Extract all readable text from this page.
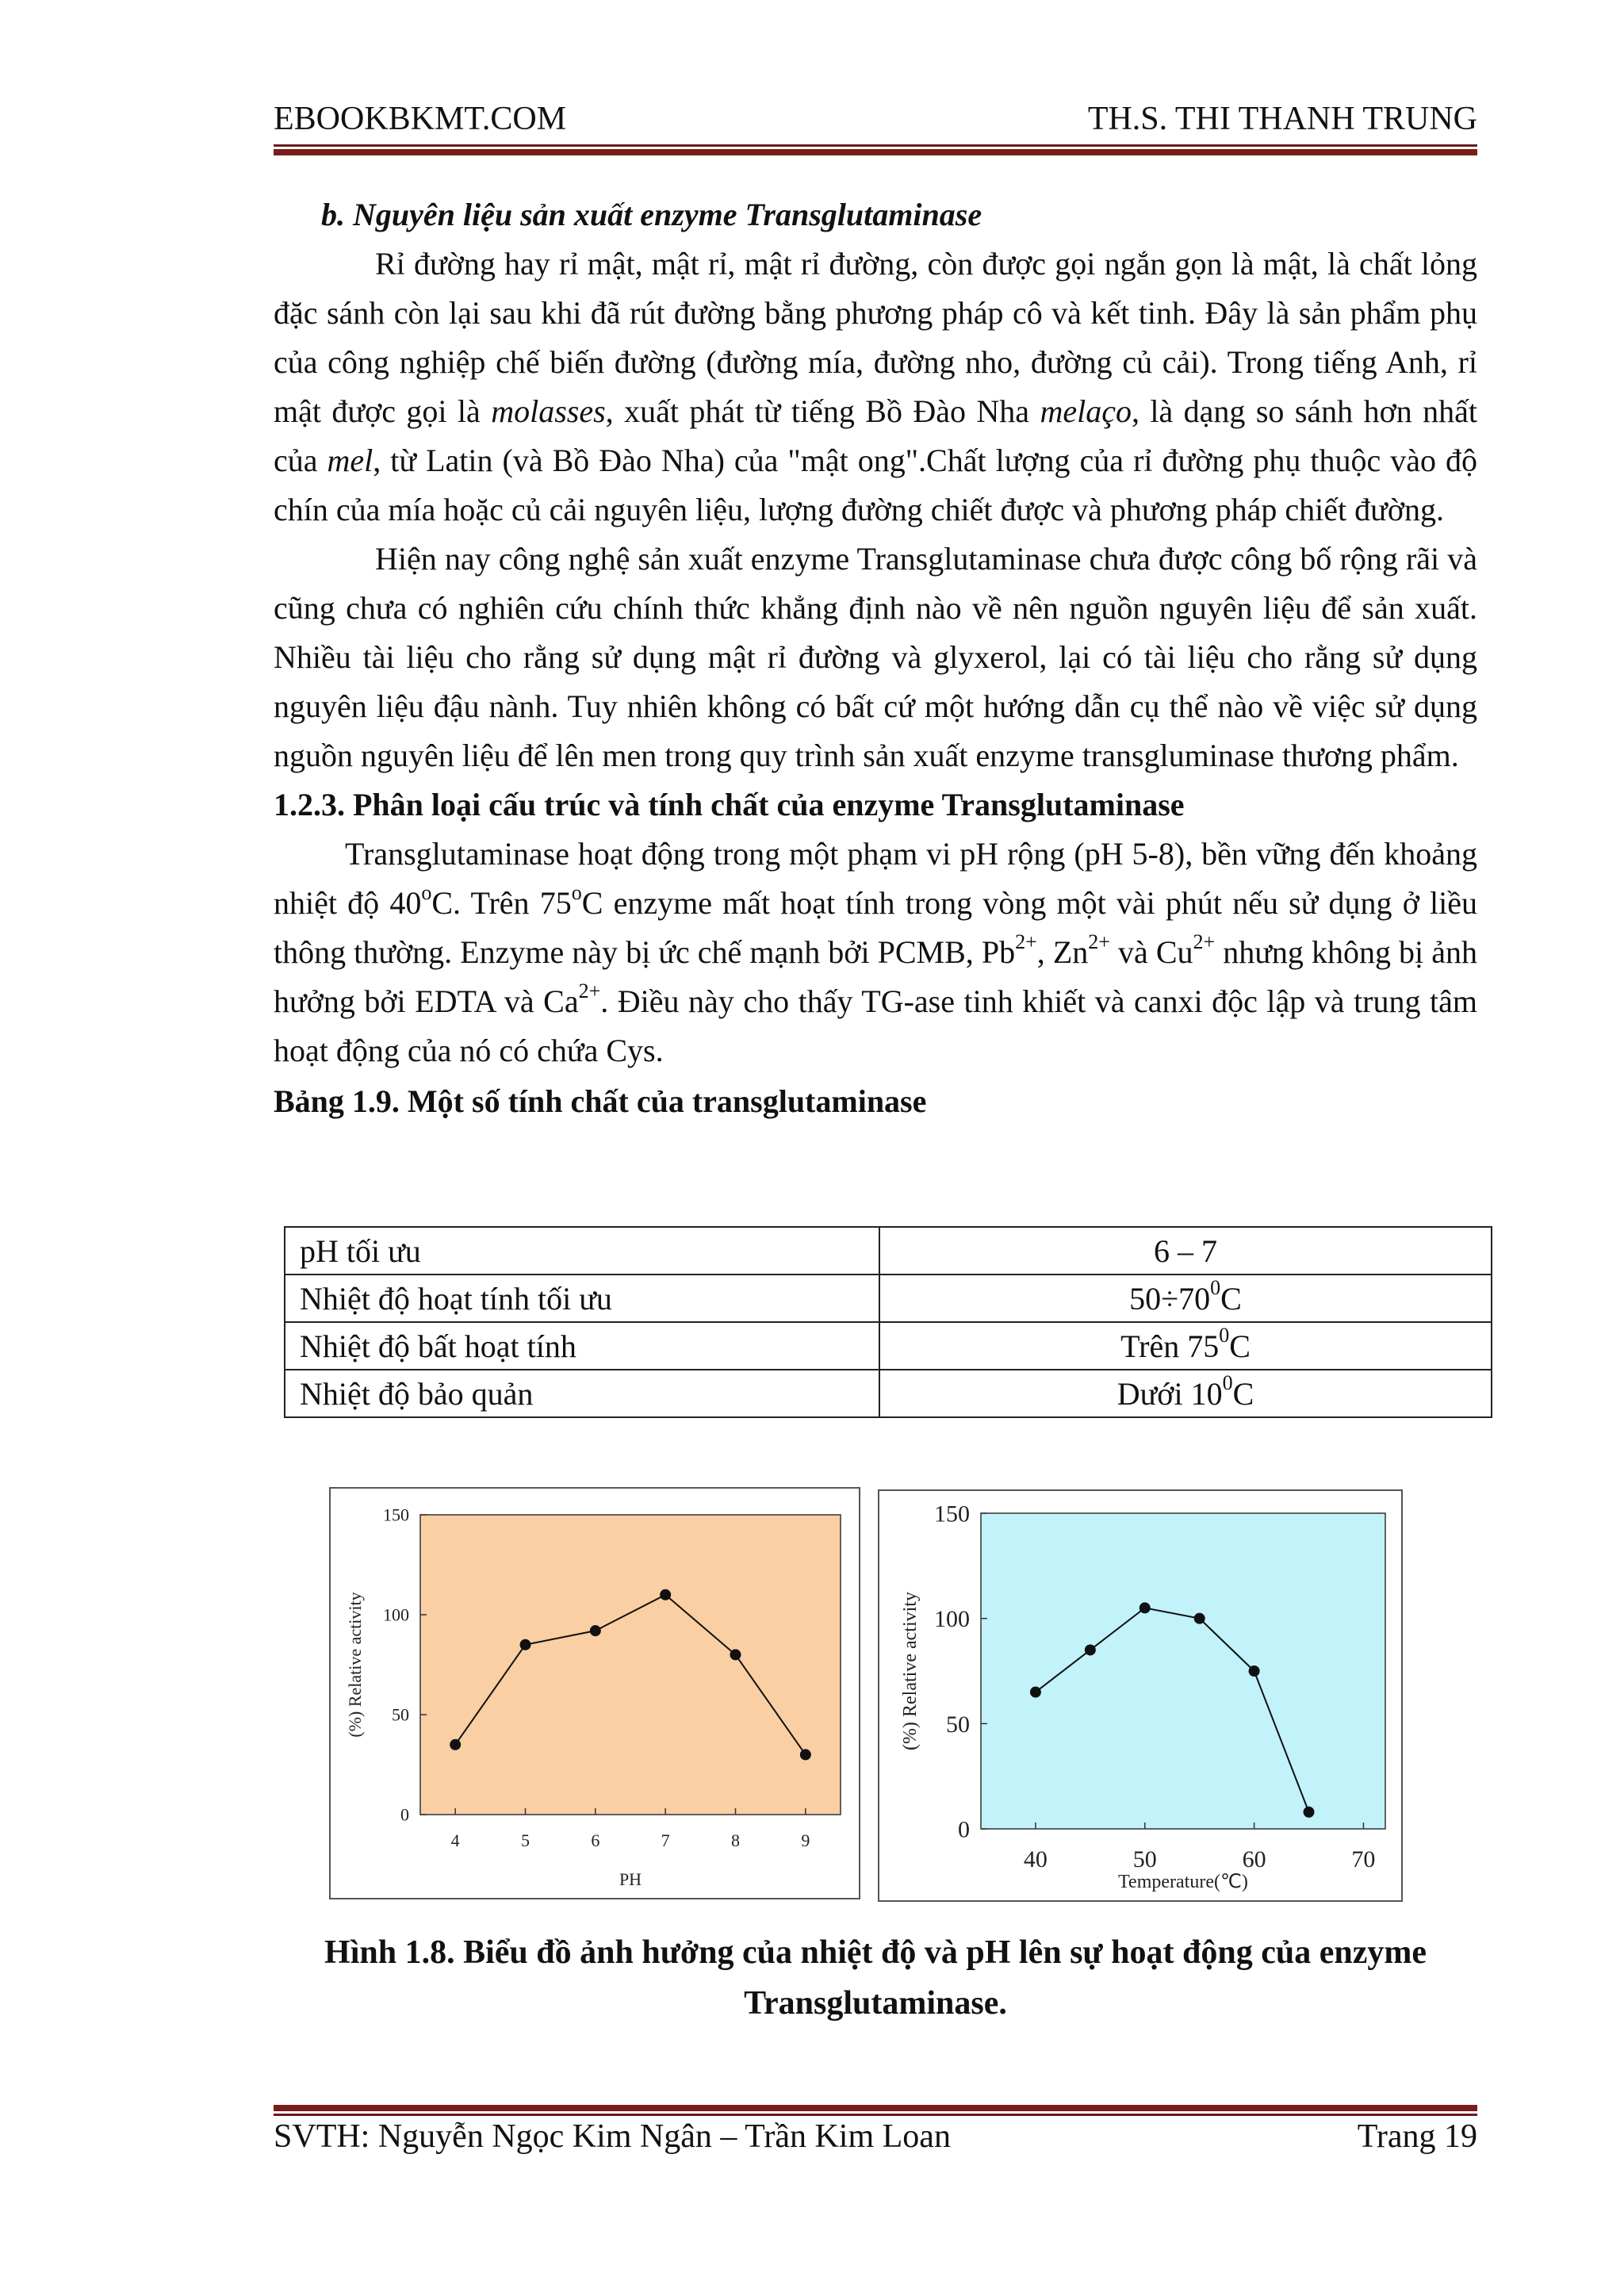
EBOOKBKMT.COM	TH.S. THI THANH TRUNG

b. Nguyên liệu sản xuất enzyme Transglutaminase

Rỉ đường hay rỉ mật, mật rỉ, mật rỉ đường, còn được gọi ngắn gọn là mật, là chất lỏng đặc sánh còn lại sau khi đã rút đường bằng phương pháp cô và kết tinh. Đây là sản phẩm phụ của công nghiệp chế biến đường (đường mía, đường nho, đường củ cải). Trong tiếng Anh, rỉ mật được gọi là molasses, xuất phát từ tiếng Bồ Đào Nha melaço, là dạng so sánh hơn nhất của mel, từ Latin (và Bồ Đào Nha) của "mật ong".Chất lượng của rỉ đường phụ thuộc vào độ chín của mía hoặc củ cải nguyên liệu, lượng đường chiết được và phương pháp chiết đường.

Hiện nay công nghệ sản xuất enzyme Transglutaminase chưa được công bố rộng rãi và cũng chưa có nghiên cứu chính thức khẳng định nào về nên nguồn nguyên liệu để sản xuất. Nhiều tài liệu cho rằng sử dụng mật rỉ đường và glyxerol, lại có tài liệu cho rằng sử dụng nguyên liệu đậu nành. Tuy nhiên không có bất cứ một hướng dẫn cụ thể nào về việc sử dụng nguồn nguyên liệu để lên men trong quy trình sản xuất enzyme transgluminase thương phẩm.

1.2.3. Phân loại cấu trúc và tính chất của enzyme Transglutaminase

Transglutaminase hoạt động trong một phạm vi pH rộng (pH 5-8), bền vững đến khoảng nhiệt độ 40$^o$C. Trên 75$^o$C enzyme mất hoạt tính trong vòng một vài phút nếu sử dụng ở liều thông thường. Enzyme này bị ức chế mạnh bởi PCMB, $Pb^{2+}$, $Zn^{2+}$ và $Cu^{2+}$ nhưng không bị ảnh hưởng bởi EDTA và $Ca^{2+}$. Điều này cho thấy TG-ase tinh khiết và canxi độc lập và trung tâm hoạt động của nó có chứa Cys.

Bảng 1.9. Một số tính chất của transglutaminase

pH tối ưu	6 – 7
Nhiệt độ hoạt tính tối ưu	$50\div 70^0C$
Nhiệt độ bất hoạt tính	Trên $75^0C$
Nhiệt độ bảo quản	Dưới $10^0C$
0
50
100
150
4	5	6	7	8	9
PH
(%) Relative activity
0
50
100
150
40	50	60	70
Temperature(℃)
(%) Relative activity
Hình 1.8. Biểu đồ ảnh hưởng của nhiệt độ và pH lên sự hoạt động của enzyme
Transglutaminase.
SVTH: Nguyễn Ngọc Kim Ngân – Trần Kim Loan	Trang 19
